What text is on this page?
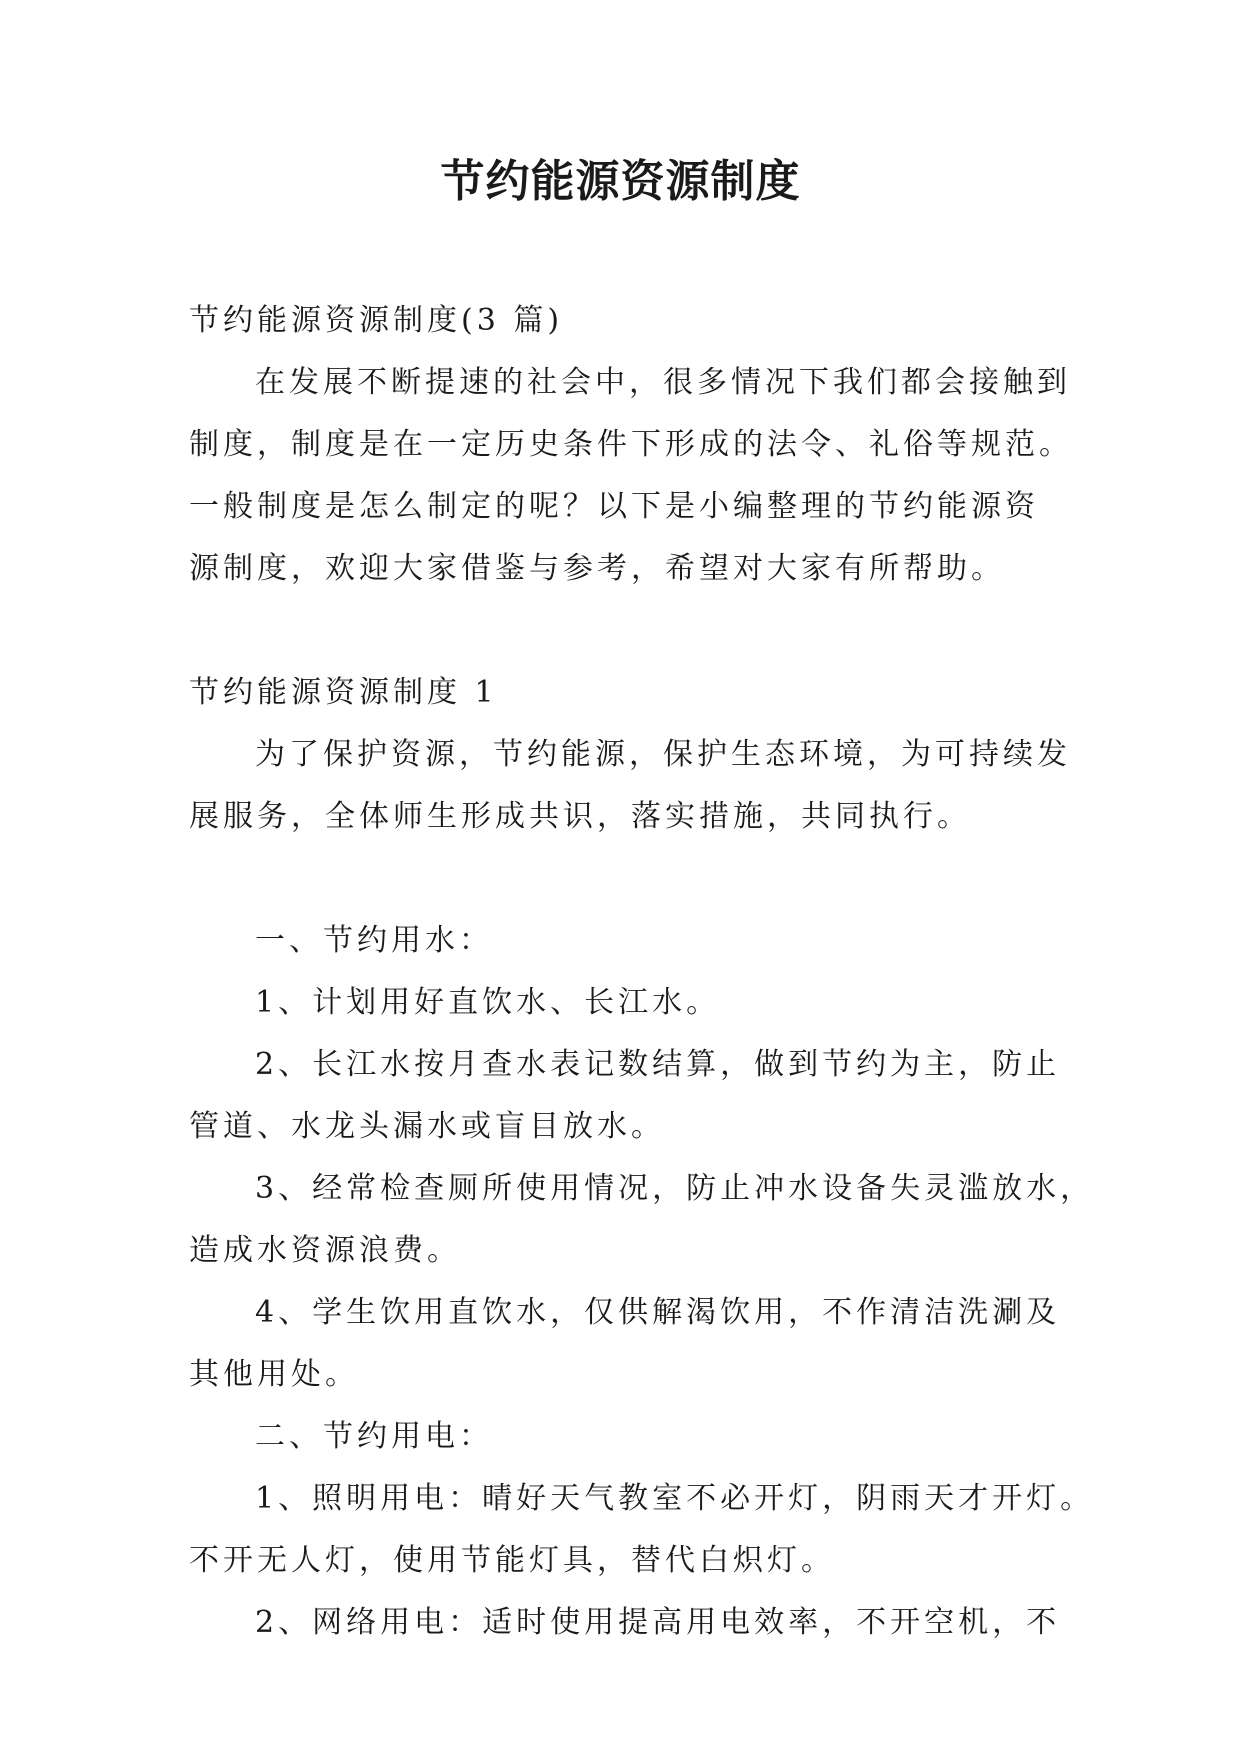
节约能源资源制度

节约能源资源制度(3 篇)

在发展不断提速的社会中，很多情况下我们都会接触到

制度，制度是在一定历史条件下形成的法令、礼俗等规范。

一般制度是怎么制定的呢？以下是小编整理的节约能源资

源制度，欢迎大家借鉴与参考，希望对大家有所帮助。

节约能源资源制度 1

为了保护资源，节约能源，保护生态环境，为可持续发

展服务，全体师生形成共识，落实措施，共同执行。

一、节约用水：

1、计划用好直饮水、长江水。

2、长江水按月查水表记数结算，做到节约为主，防止

管道、水龙头漏水或盲目放水。

3、经常检查厕所使用情况，防止冲水设备失灵滥放水，

造成水资源浪费。

4、学生饮用直饮水，仅供解渴饮用，不作清洁洗涮及

其他用处。

二、节约用电：

1、照明用电：晴好天气教室不必开灯，阴雨天才开灯。

不开无人灯，使用节能灯具，替代白炽灯。

2、网络用电：适时使用提高用电效率，不开空机，不
